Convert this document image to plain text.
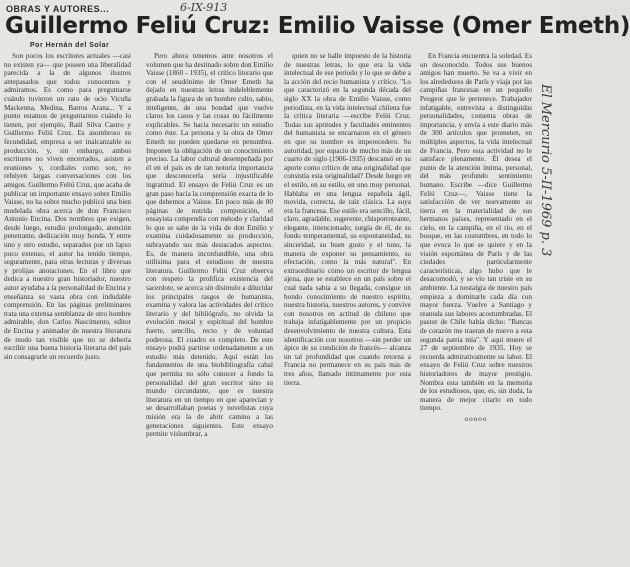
OBRAS Y AUTORES...	6-IX-913
Guillermo Feliú Cruz: Emilio Vaisse (Omer Emeth)
Por Hernán del Solar

Son pocos los escritores actuales —casi no existen ya— que poseen una liberalidad parecida a la de algunos ilustres antepasados que todos conocemos y admiramos. Es como para preguntarse cuándo tuvieron un rato de ocio Vicuña Mackenna, Medina, Barros Arana... Y a punto estamos de preguntarnos cuándo lo tienen, por ejemplo, Raúl Silva Castro y Guillermo Feliú Cruz. Es asombroso su fecundidad, empresa a ser inalcanzable su producción, y, sin embargo, ambos escritores no viven encerrados, asisten a reuniones y, cordiales como son, no rehúyen largas conversaciones con los amigos. Guillermo Feliú Cruz, que acaba de publicar un importante ensayo sobre Emilio Vaisse, no ha sobre mucho publicó una bien modelada obra acerca de don Francisco Antonio Encina. Dos nombres que exigen, desde luego, estudio prolongado, atención penetrante, dedicación muy honda. Y entre uno y otro estudio, separados por un lapso poco extenso, el autor ha tenido tiempo, seguramente, para otras lecturas y diversas y prolijas anotaciones. En el libro que dedica a nuestro gran historiador, nuestro autor ayudaba a la personalidad de Encina y enseñanza su vasta obra con indudable comprensión. En las páginas preliminares trata una extensa semblanza de otro hombre admirable, don Carlos Nascimento, editor de Encina y animador de nuestra literatura de modo tan visible que no se debería escribir una buena historia literaria del país sin consagrarle un recuerdo justo.

Pero ahora tenemos ante nosotros el volumen que ha destinado sobre don Emilio Vaisse (1860 - 1935), el crítico literario que con el seudónimo de Omer Emeth ha dejado en nuestras letras indeleblemente grabada la figura de un hombre culto, sabio, inteligente, de una bondad que vuelve claros los casos y las cosas no fácilmente explicables. Se hacía necesario un estudio como éste. La persona y la obra de Omer Emeth no pueden quedarse en penumbra. Imponen la obligación de un conocimiento preciso. La labor cultural desempeñada por él en el país es de tan notoria importancia que desconocerla sería injustificable ingratitud. El ensayo de Feliú Cruz es un gran paso hacia la comprensión exacta de lo que debemos a Vaisse. En poco más de 80 páginas de nutrida composición, el ensayista compendia con método y claridad lo que se sabe de la vida de don Emilio y examina cuidadosamente su producción, subrayando sus más destacados aspectos. Es, de manera inconfundible, una obra utilísima para el estudioso de nuestra literatura. Guillermo Feliú Cruz observa con respeto la prolífica existencia del sacerdote, se acerca sin disimulo a dilucidar los principales rasgos de humanista, examina y valora las actividades del crítico literario y del bibliógrafo, no olvida la evolución moral y espiritual del hombre fuerte, sencillo, recto y de voluntad poderosa. El cuadro es completo. De este ensayo podrá partirse ordenadamente a un estudio más detenido. Aquí están los fundamentos de una biobibliografía cabal que permita no sólo conocer a fondo la personalidad del gran escritor sino su mundo circundante, que es nuestra literatura en un tiempo en que aparecían y se desarrollaban poetas y novelistas cuya misión era la de abrir camino a las generaciones siguientes. Este ensayo permite vislumbrar, a

quien no se halle impuesto de la historia de nuestras letras, lo que era la vida intelectual de ese período y lo que se debe a la acción del recio humanista y crítico. "Lo que caracterizó en la segunda década del siglo XX la obra de Emilio Vaisse, como periodista, en la vida intelectual chilena fue la crítica literaria —escribe Feliú Cruz. Todas sus aptitudes y facultades eminentes del humanista se encarnaron en el género en que su nombre es imperecedero. Su autoridad, por espacio de mucho más de un cuarto de siglo (1906-1935) descansó en su aporte como crítico de una originalidad que consistía esta originalidad? Desde luego en el estilo, en su estilo, en uno muy personal. Hablaba en una lengua española ágil, movida, correcta, de raíz clásica. La suya era la francesa. Ese estilo era sencillo, fácil, claro, agradable, sugerente, chisporroteante, elegante, intencionado; surgía de él, de su fondo temperamental, su espontaneidad, su sinceridad, su buen gusto y el tono, la manera de exponer su pensamiento, su efectación, como la más natural". En extraordinario cómo un escritor de lengua ajena, que se establece en un país sobre el cual nada sabía a su llegada, consigue un hondo conocimiento de nuestro espíritu, nuestra historia, nuestros autores, y convive con nosotros en actitud de chileno que trabaja infatigablemente por un propicio desenvolvimiento de nuestra cultura. Esta identificación con nosotros —sin perder un ápice de su condición de francés— alcanza un tal profundidad que cuando retorna a Francia no permanece en su país más de tres años, llamado íntimamente por esta tierra.

En Francia encuentra la soledad. Es un desconocido. Todos sus buenos amigos han muerto. Se va a vivir en los alrededores de París y viaja por las campiñas francesas en un pequeño Peugeot que le pertenece. Trabajador infatigable, entrevista a distinguidas personalidades, comenta obras de importancia, y envía a este diario más de 300 artículos que prometen, en múltiples aspectos, la vida intelectual de Francia. Pero esta actividad no le satisface plenamente. Él desea el punto de la atención íntima, personal, del más profundo sentimiento humano. Escribe —dice Guillermo Feliú Cruz—, Vaisse tiene la satisfacción de ver nuevamente su tierra en la materialidad de sus hermanos países, representado en el cielo, en la campiña, en el río, en el bosque, en las costumbres, en todo lo que evoca lo que se quiere y en la visión espontánea de París y de las ciudades particularmente características, algo hubo que le desacomodó, y se vio tan triste en su ambiente. La nostalgia de nuestro país empieza a dominarle cada día con mayor fuerza. Vuelve a Santiago y reanuda sus labores acostumbradas. El pastor de Chile había dicho: "Bancas de corazón me traeran de nuevo a esta segunda patria mía". Y aquí muere el 27 de septiembre de 1935. Hoy se recuerda admirativamente su labor. El ensayo de Feliú Cruz sobre nuestros historiadores de mayor prestigio. Nombra esta también en la memoria de los estudiosos, que, es, sin duda, la manera de mejor citarlo en todo tiempo.

ooooo
El Mercurio 5-II-1969 p. 3
